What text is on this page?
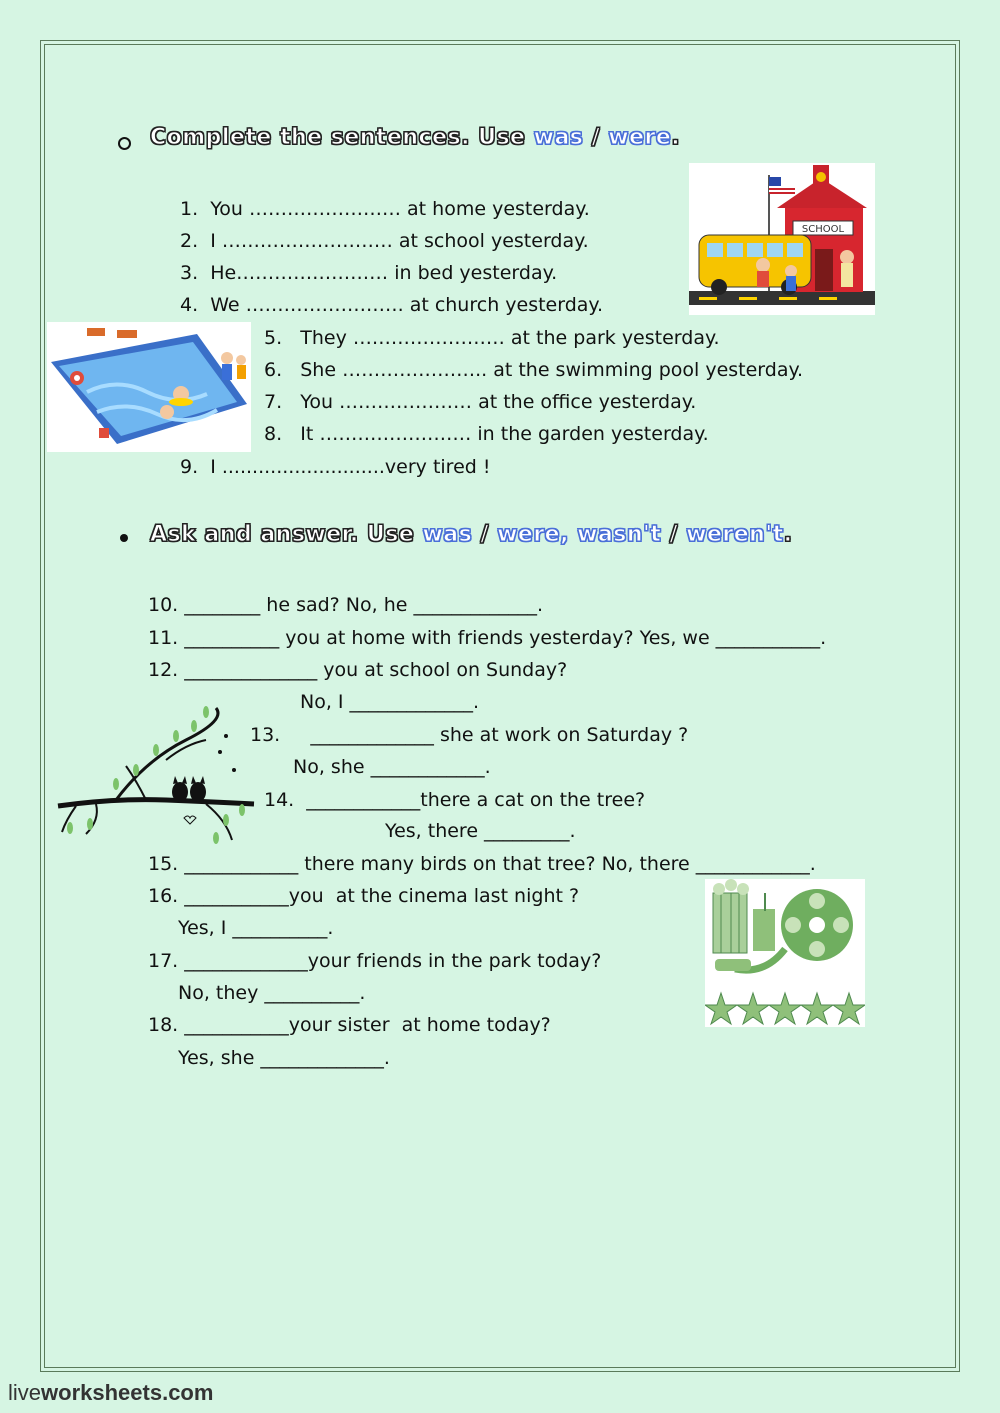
Complete the sentences. Use was / were.
1.  You …………………… at home yesterday.
2.  I ……………………… at school yesterday.
3.  He…………………… in bed yesterday.
4.  We ……………………. at church yesterday.
5.   They …………………… at the park yesterday.
6.   She ………………….. at the swimming pool yesterday.
7.   You ………………… at the office yesterday.
8.   It …………………… in the garden yesterday.
9.  I ...........................very tired !
SCHOOL
Ask and answer. Use was / were, wasn't / weren't.
10. ________ he sad? No, he _____________.
11. __________ you at home with friends yesterday? Yes, we ___________.
12. ______________ you at school on Sunday?
No, I _____________.
13.     _____________ she at work on Saturday ?
No, she ____________.
14.  ____________there a cat on the tree?
Yes, there _________.
15. ____________ there many birds on that tree? No, there ____________.
16. ___________you  at the cinema last night ?
Yes, I __________.
17. _____________your friends in the park today?
No, they __________.
18. ___________your sister  at home today?
Yes, she _____________.
liveworksheets.com
